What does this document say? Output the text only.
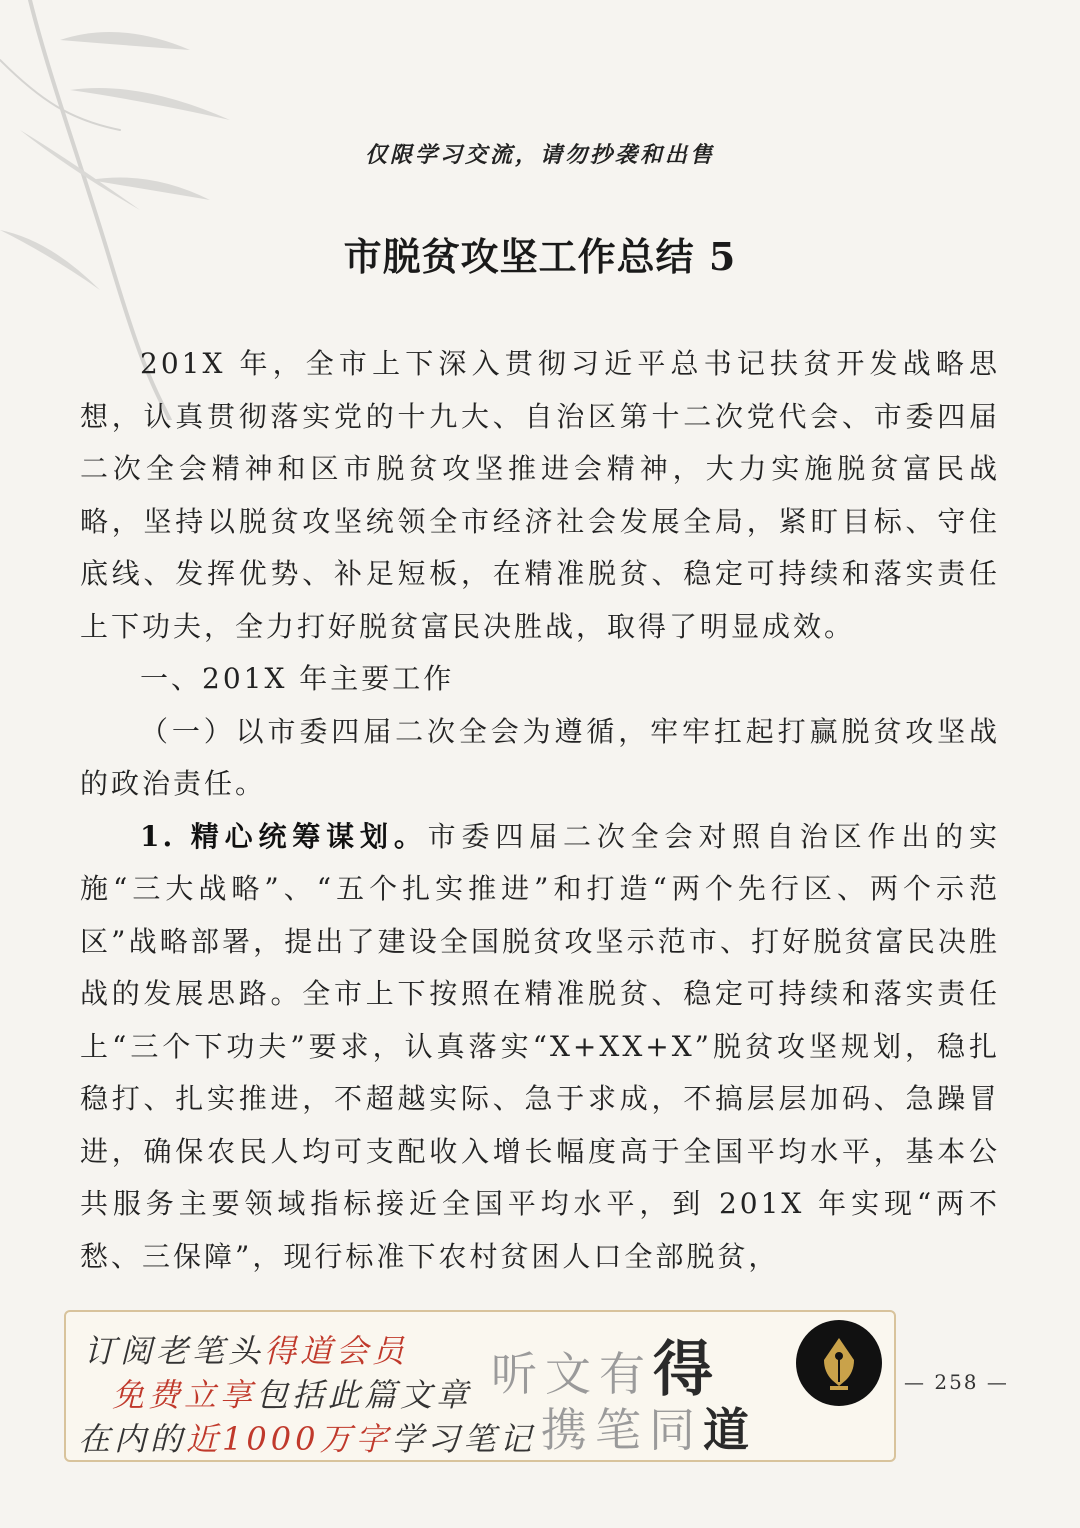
仅限学习交流，请勿抄袭和出售
市脱贫攻坚工作总结 5

201X 年，全市上下深入贯彻习近平总书记扶贫开发战略思想，认真贯彻落实党的十九大、自治区第十二次党代会、市委四届二次全会精神和区市脱贫攻坚推进会精神，大力实施脱贫富民战略，坚持以脱贫攻坚统领全市经济社会发展全局，紧盯目标、守住底线、发挥优势、补足短板，在精准脱贫、稳定可持续和落实责任上下功夫，全力打好脱贫富民决胜战，取得了明显成效。

一、201X 年主要工作

（一）以市委四届二次全会为遵循，牢牢扛起打赢脱贫攻坚战的政治责任。

1. 精心统筹谋划。市委四届二次全会对照自治区作出的实施“三大战略”、“五个扎实推进”和打造“两个先行区、两个示范区”战略部署，提出了建设全国脱贫攻坚示范市、打好脱贫富民决胜战的发展思路。全市上下按照在精准脱贫、稳定可持续和落实责任上“三个下功夫”要求，认真落实“X+XX+X”脱贫攻坚规划，稳扎稳打、扎实推进，不超越实际、急于求成，不搞层层加码、急躁冒进，确保农民人均可支配收入增长幅度高于全国平均水平，基本公共服务主要领域指标接近全国平均水平，到 201X 年实现“两不愁、三保障”，现行标准下农村贫困人口全部脱贫，

订阅老笔头得道会员
免费立享包括此篇文章
在内的近1000万字学习笔记
听文有得
携笔同道
— 258 —
